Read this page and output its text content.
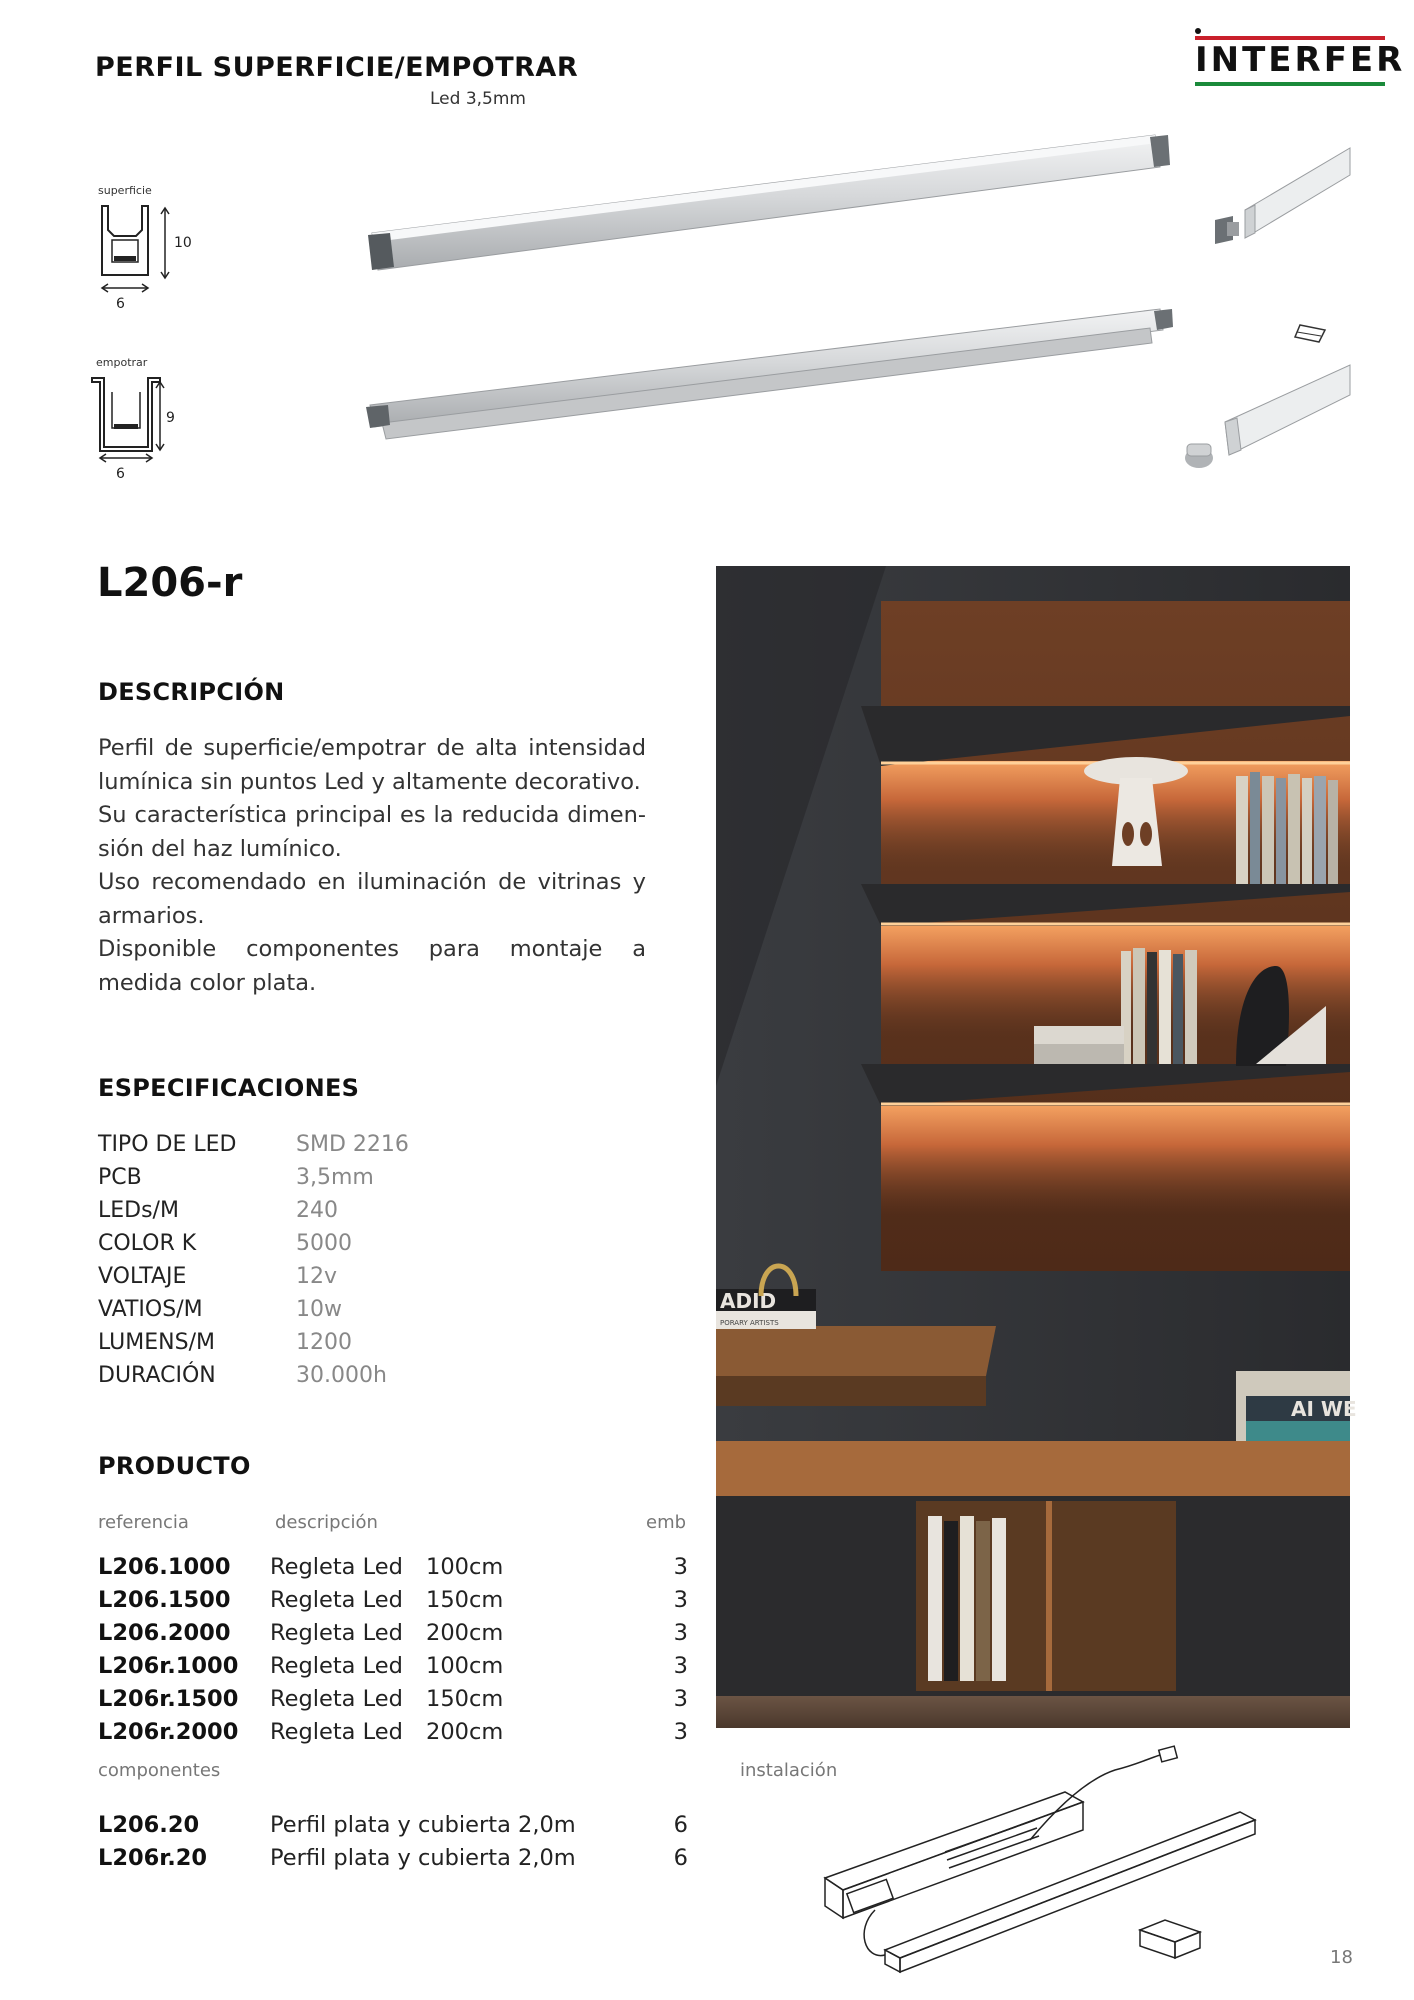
PERFIL SUPERFICIE/EMPOTRAR
Led 3,5mm
INTERFER
superficie
10
6
empotrar
9
6
L206-r
DESCRIPCIÓN

Perfil de superficie/empotrar de alta intensidad lumínica sin puntos Led y altamente decorativo.

Su característica principal es la reducida dimen-sión del haz lumínico.

Uso recomendado en iluminación de vitrinas y armarios.

Disponible componentes para montaje a medida color plata.

ESPECIFICACIONES
TIPO DE LED	SMD 2216
PCB	3,5mm
LEDs/M	240
COLOR K	5000
VOLTAJE	12v
VATIOS/M	10w
LUMENS/M	1200
DURACIÓN	30.000h
PRODUCTO
referencia	descripción	emb
L206.1000 Regleta Led 100cm	3
L206.1500 Regleta Led 150cm	3
L206.2000 Regleta Led 200cm	3
L206r.1000 Regleta Led 100cm	3
L206r.1500 Regleta Led 150cm	3
L206r.2000 Regleta Led 200cm	3
componentes
L206.20	Perfil plata y cubierta 2,0m	6
L206r.20	Perfil plata y cubierta 2,0m	6
ADID
PORARY ARTISTS
AI WE
instalación
18
